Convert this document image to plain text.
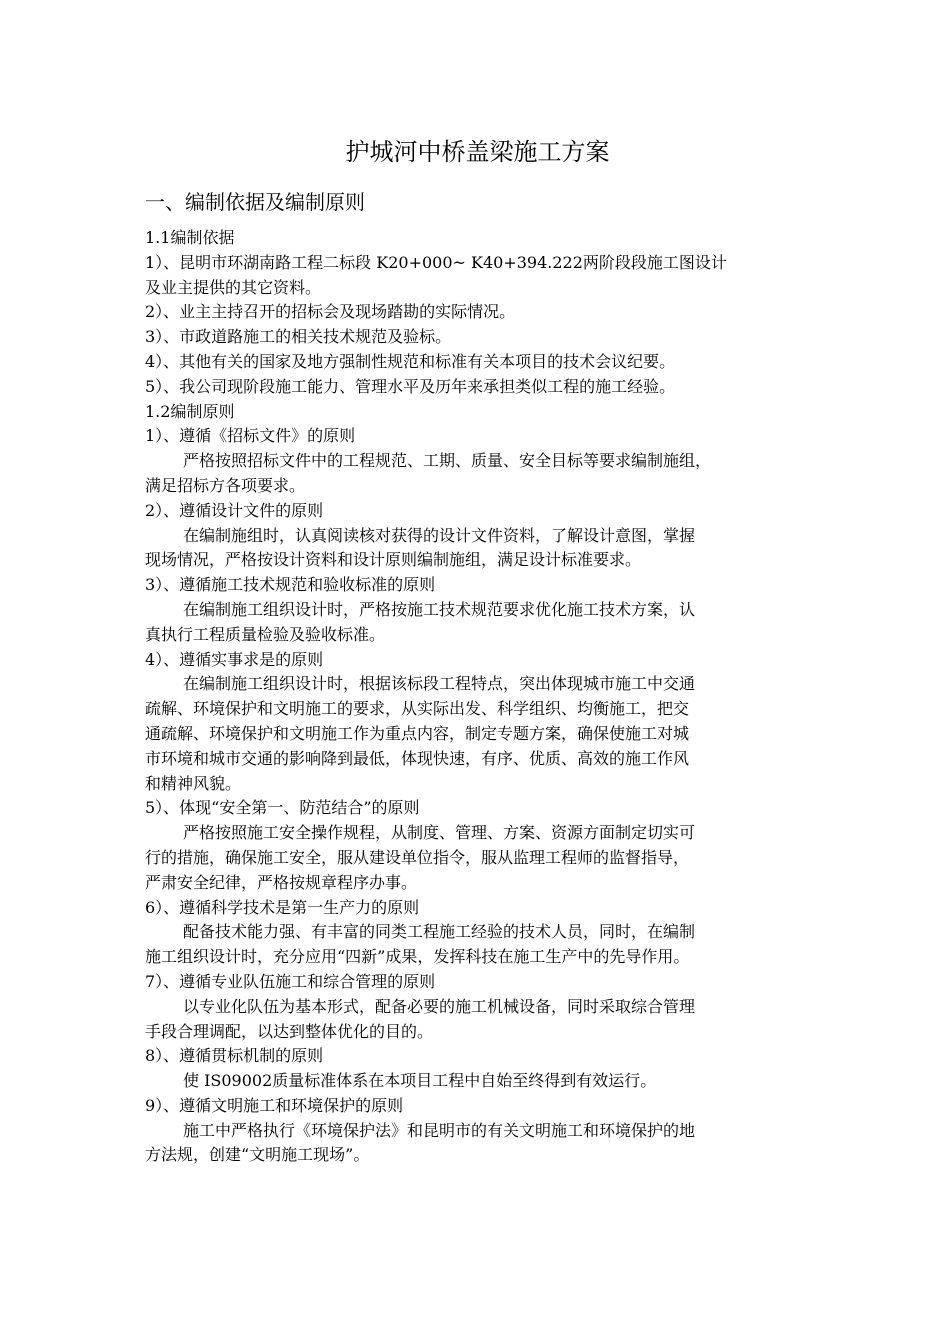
护城河中桥盖梁施工方案
一、编制依据及编制原则
1.1编制依据
1）、昆明市环湖南路工程二标段 K20+000~ K40+394.222两阶段段施工图设计
及业主提供的其它资料。
2）、业主主持召开的招标会及现场踏勘的实际情况。
3）、市政道路施工的相关技术规范及验标。
4）、其他有关的国家及地方强制性规范和标准有关本项目的技术会议纪要。
5）、我公司现阶段施工能力、管理水平及历年来承担类似工程的施工经验。
1.2编制原则
1）、遵循《招标文件》的原则
严格按照招标文件中的工程规范、工期、质量、安全目标等要求编制施组，
满足招标方各项要求。
2）、遵循设计文件的原则
在编制施组时，认真阅读核对获得的设计文件资料，了解设计意图，掌握
现场情况，严格按设计资料和设计原则编制施组，满足设计标准要求。
3）、遵循施工技术规范和验收标准的原则
在编制施工组织设计时，严格按施工技术规范要求优化施工技术方案，认
真执行工程质量检验及验收标准。
4）、遵循实事求是的原则
在编制施工组织设计时，根据该标段工程特点，突出体现城市施工中交通
疏解、环境保护和文明施工的要求，从实际出发、科学组织、均衡施工，把交
通疏解、环境保护和文明施工作为重点内容，制定专题方案，确保使施工对城
市环境和城市交通的影响降到最低，体现快速，有序、优质、高效的施工作风
和精神风貌。
5）、体现“安全第一、防范结合”的原则
严格按照施工安全操作规程，从制度、管理、方案、资源方面制定切实可
行的措施，确保施工安全，服从建设单位指令，服从监理工程师的监督指导，
严肃安全纪律，严格按规章程序办事。
6）、遵循科学技术是第一生产力的原则
配备技术能力强、有丰富的同类工程施工经验的技术人员，同时，在编制
施工组织设计时，充分应用“四新”成果，发挥科技在施工生产中的先导作用。
7）、遵循专业队伍施工和综合管理的原则
以专业化队伍为基本形式，配备必要的施工机械设备，同时采取综合管理
手段合理调配，以达到整体优化的目的。
8）、遵循贯标机制的原则
使 IS09002质量标准体系在本项目工程中自始至终得到有效运行。
9）、遵循文明施工和环境保护的原则
施工中严格执行《环境保护法》和昆明市的有关文明施工和环境保护的地
方法规，创建“文明施工现场”。
